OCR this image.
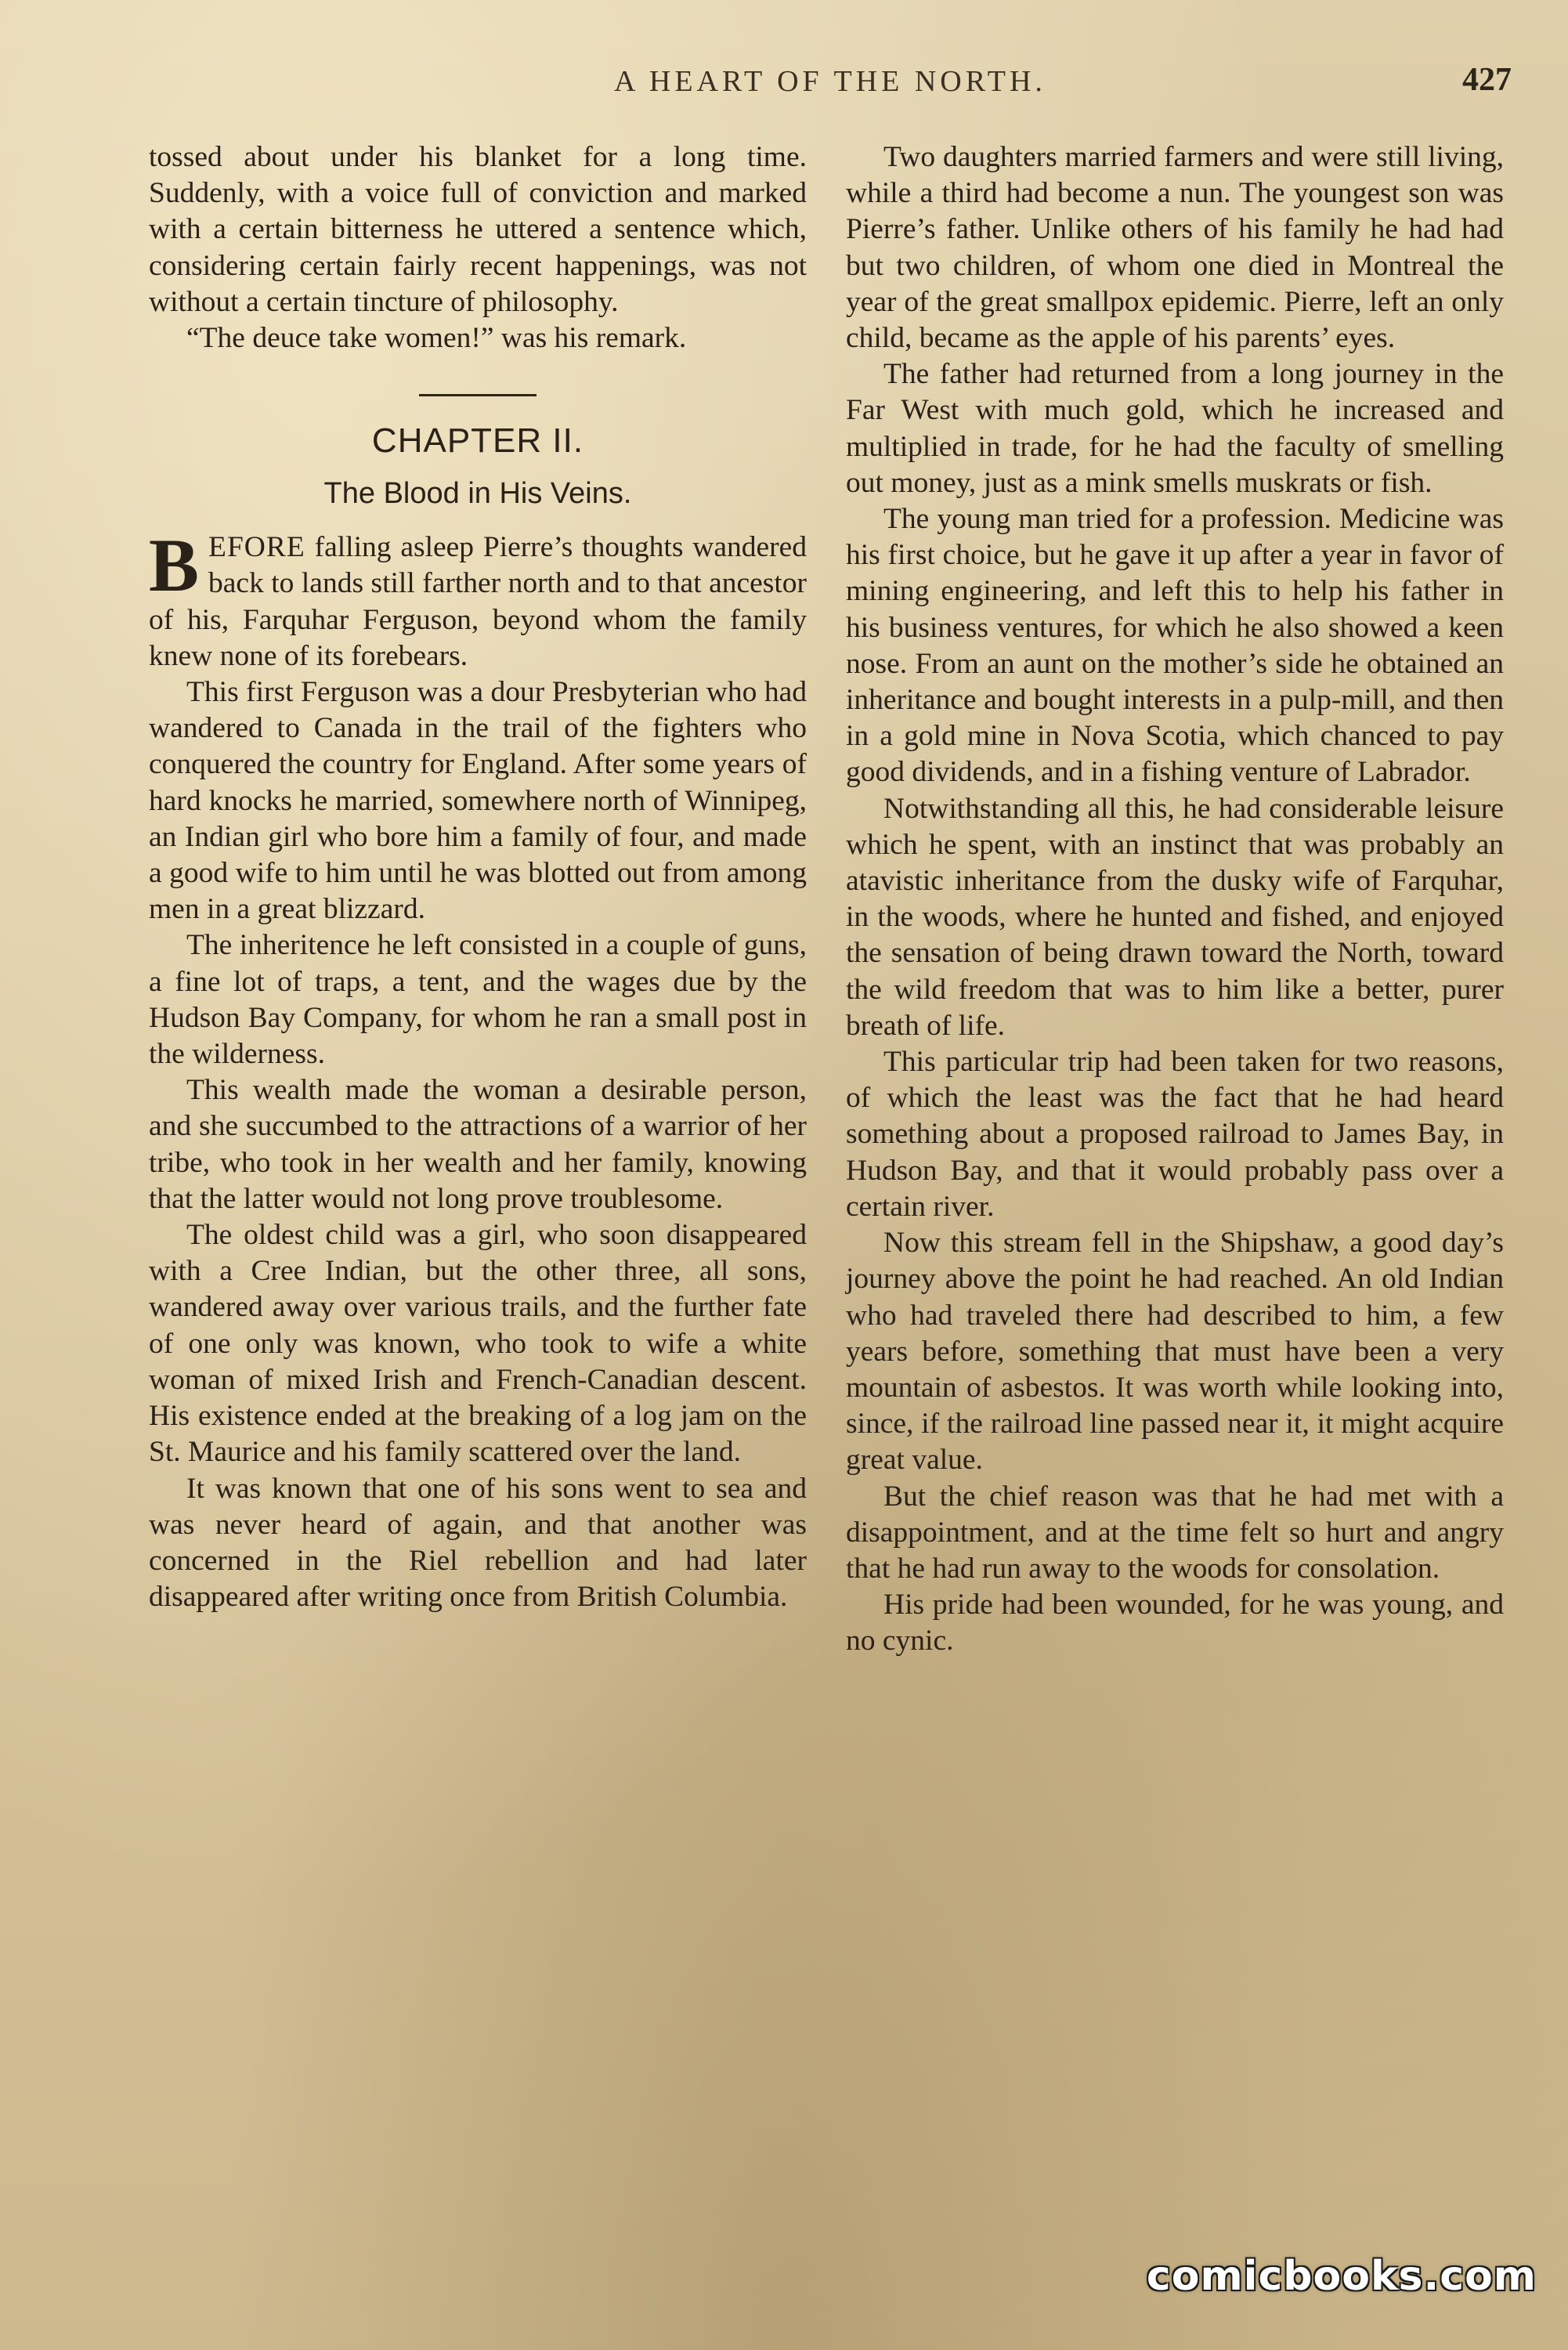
A HEART OF THE NORTH.	427

tossed about under his blanket for a long time. Suddenly, with a voice full of conviction and marked with a certain bitterness he uttered a sentence which, considering certain fairly recent happenings, was not without a certain tincture of philosophy.

“The deuce take women!” was his remark.

CHAPTER II.
The Blood in His Veins.

BEFORE falling asleep Pierre’s thoughts wandered back to lands still farther north and to that ancestor of his, Farquhar Ferguson, beyond whom the family knew none of its forebears.

This first Ferguson was a dour Presbyterian who had wandered to Canada in the trail of the fighters who conquered the country for England. After some years of hard knocks he married, somewhere north of Winnipeg, an Indian girl who bore him a family of four, and made a good wife to him until he was blotted out from among men in a great blizzard.

The inheritence he left consisted in a couple of guns, a fine lot of traps, a tent, and the wages due by the Hudson Bay Company, for whom he ran a small post in the wilderness.

This wealth made the woman a desirable person, and she succumbed to the attractions of a warrior of her tribe, who took in her wealth and her family, knowing that the latter would not long prove troublesome.

The oldest child was a girl, who soon disappeared with a Cree Indian, but the other three, all sons, wandered away over various trails, and the further fate of one only was known, who took to wife a white woman of mixed Irish and French-Canadian descent. His existence ended at the breaking of a log jam on the St. Maurice and his family scattered over the land.

It was known that one of his sons went to sea and was never heard of again, and that another was concerned in the Riel rebellion and had later disappeared after writing once from British Columbia.

Two daughters married farmers and were still living, while a third had become a nun. The youngest son was Pierre’s father. Unlike others of his family he had had but two children, of whom one died in Montreal the year of the great smallpox epidemic. Pierre, left an only child, became as the apple of his parents’ eyes.

The father had returned from a long journey in the Far West with much gold, which he increased and multiplied in trade, for he had the faculty of smelling out money, just as a mink smells muskrats or fish.

The young man tried for a profession. Medicine was his first choice, but he gave it up after a year in favor of mining engineering, and left this to help his father in his business ventures, for which he also showed a keen nose. From an aunt on the mother’s side he obtained an inheritance and bought interests in a pulp-mill, and then in a gold mine in Nova Scotia, which chanced to pay good dividends, and in a fishing venture of Labrador.

Notwithstanding all this, he had considerable leisure which he spent, with an instinct that was probably an atavistic inheritance from the dusky wife of Farquhar, in the woods, where he hunted and fished, and enjoyed the sensation of being drawn toward the North, toward the wild freedom that was to him like a better, purer breath of life.

This particular trip had been taken for two reasons, of which the least was the fact that he had heard something about a proposed railroad to James Bay, in Hudson Bay, and that it would probably pass over a certain river.

Now this stream fell in the Shipshaw, a good day’s journey above the point he had reached. An old Indian who had traveled there had described to him, a few years before, something that must have been a very mountain of asbestos. It was worth while looking into, since, if the railroad line passed near it, it might acquire great value.

But the chief reason was that he had met with a disappointment, and at the time felt so hurt and angry that he had run away to the woods for consolation.

His pride had been wounded, for he was young, and no cynic.

comicbooks.com
